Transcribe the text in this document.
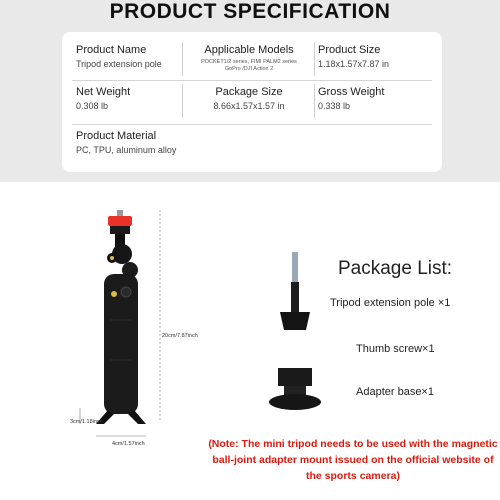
PRODUCT SPECIFICATION
Product Name
Tripod extension pole
Applicable Models
POCKET1/2 series, FIMI PALM2 series
GoPro /DJI Action 2
Product Size
1.18x1.57x7.87 in
Net Weight
0.308 lb
Package Size
8.66x1.57x1.57 in
Gross Weight
0.338 lb
Product Material
PC, TPU, aluminum alloy
20cm/7.87inch
3cm/1.18inch
4cm/1.57inch
Package List:
Tripod extension pole ×1
Thumb screw×1
Adapter base×1
(Note: The mini tripod needs to be used with the magnetic ball-joint adapter mount issued on the official website of the sports camera)
